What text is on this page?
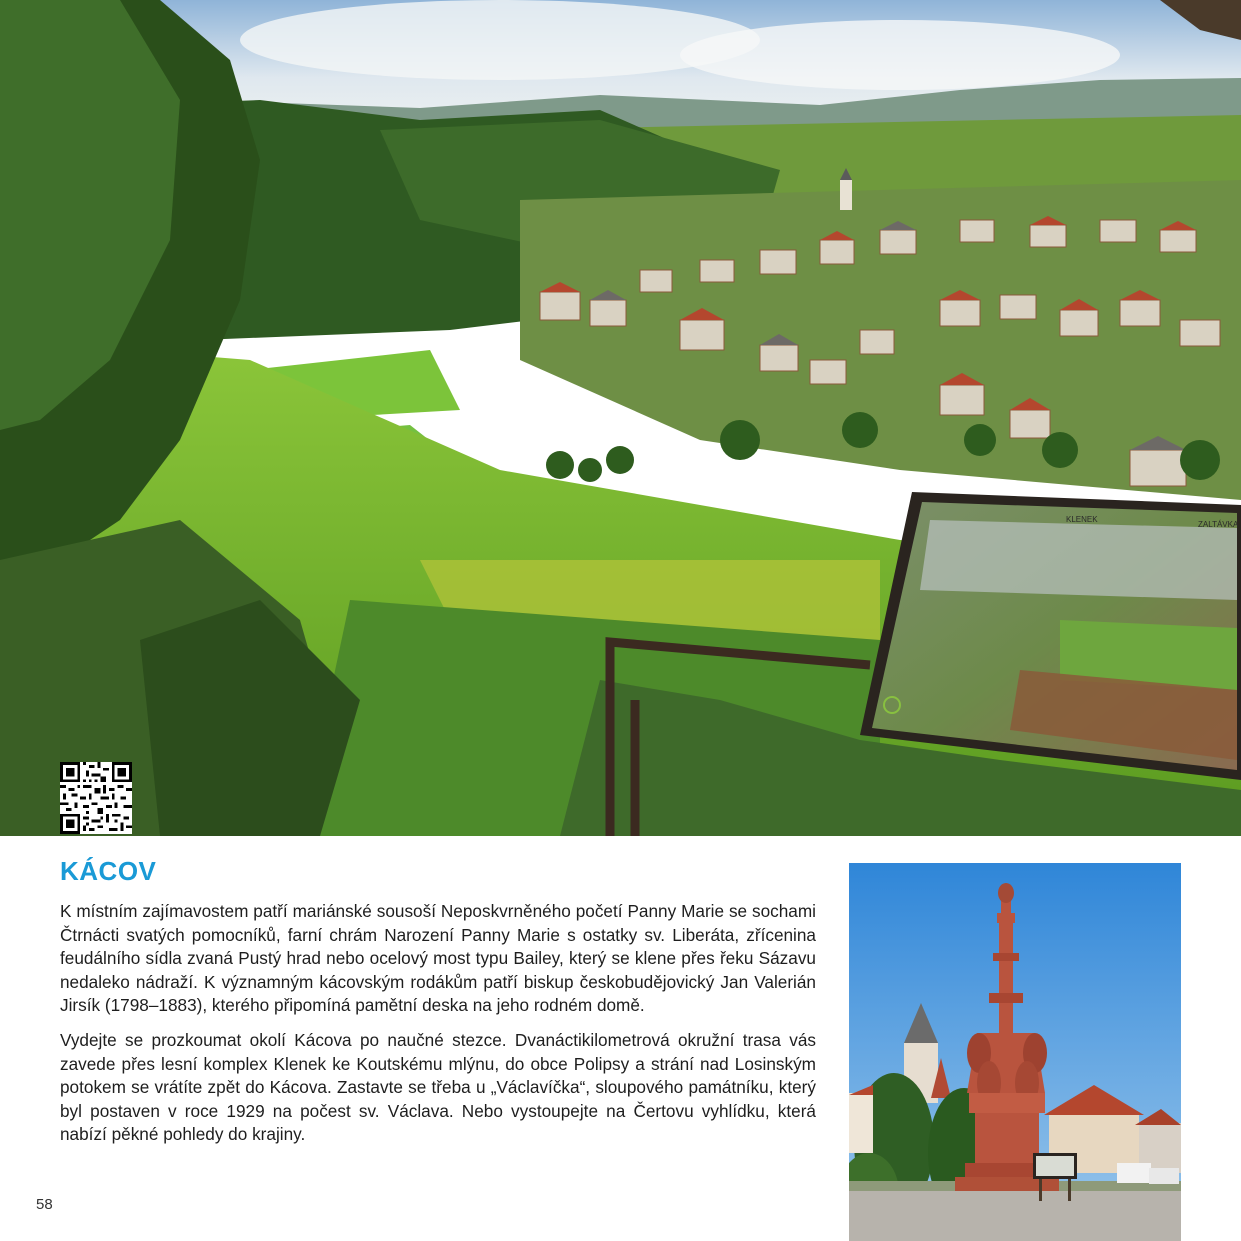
KLENEK
ZALTÁVKA
KÁCOV
K místním zajímavostem patří mariánské sousoší Neposkvrněného početí Panny Marie se sochami Čtrnácti svatých pomocníků, farní chrám Narození Panny Marie s ostatky sv. Liberáta, zřícenina feudálního sídla zvaná Pustý hrad nebo ocelový most typu Bailey, který se klene přes řeku Sázavu nedaleko nádraží. K významným kácovským rodákům patří biskup českobudějovický Jan Valerián Jirsík (1798–1883), kterého připomíná pamětní deska na jeho rodném domě.
Vydejte se prozkoumat okolí Kácova po naučné stezce. Dvanáctikilometrová okružní trasa vás zavede přes lesní komplex Klenek ke Koutskému mlýnu, do obce Polipsy a strání nad Losinským potokem se vrátíte zpět do Kácova. Zastavte se třeba u „Václavíčka“, sloupového památníku, který byl postaven v roce 1929 na počest sv. Václava. Nebo vystoupejte na Čertovu vyhlídku, která nabízí pěkné pohledy do krajiny.
58
